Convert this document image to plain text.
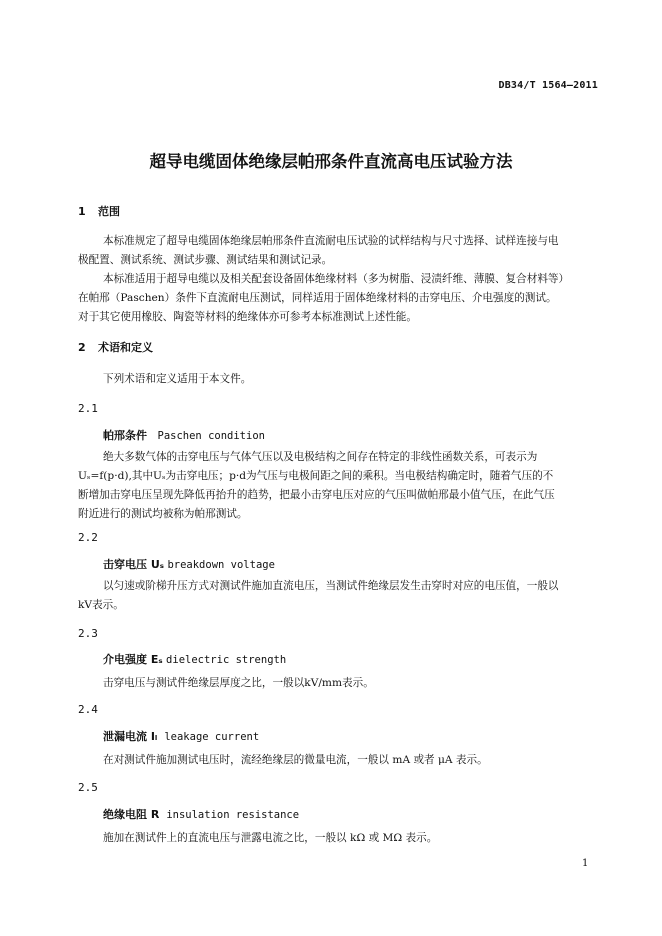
DB34/T 1564—2011
超导电缆固体绝缘层帕邢条件直流高电压试验方法
1 范围

本标准规定了超导电缆固体绝缘层帕邢条件直流耐电压试验的试样结构与尺寸选择、试样连接与电

极配置、测试系统、测试步骤、测试结果和测试记录。

本标准适用于超导电缆以及相关配套设备固体绝缘材料（多为树脂、浸渍纤维、薄膜、复合材料等）

在帕邢（Paschen）条件下直流耐电压测试，同样适用于固体绝缘材料的击穿电压、介电强度的测试。

对于其它使用橡胶、陶瓷等材料的绝缘体亦可参考本标准测试上述性能。

2 术语和定义

下列术语和定义适用于本文件。

2.1
帕邢条件 Paschen condition

绝大多数气体的击穿电压与气体气压以及电极结构之间存在特定的非线性函数关系，可表示为

Uₛ=f(p·d),其中Uₛ为击穿电压；p·d为气压与电极间距之间的乘积。当电极结构确定时，随着气压的不

断增加击穿电压呈现先降低再抬升的趋势，把最小击穿电压对应的气压叫做帕邢最小值气压，在此气压

附近进行的测试均被称为帕邢测试。

2.2
击穿电压 Uₛ breakdown voltage

以匀速或阶梯升压方式对测试件施加直流电压，当测试件绝缘层发生击穿时对应的电压值，一般以

kV表示。

2.3
介电强度 Eₛ dielectric strength

击穿电压与测试件绝缘层厚度之比，一般以kV/mm表示。

2.4
泄漏电流 Iₗ leakage current

在对测试件施加测试电压时，流经绝缘层的微量电流，一般以 mA 或者 μA 表示。

2.5
绝缘电阻 R insulation resistance

施加在测试件上的直流电压与泄露电流之比，一般以 kΩ 或 MΩ 表示。

1
